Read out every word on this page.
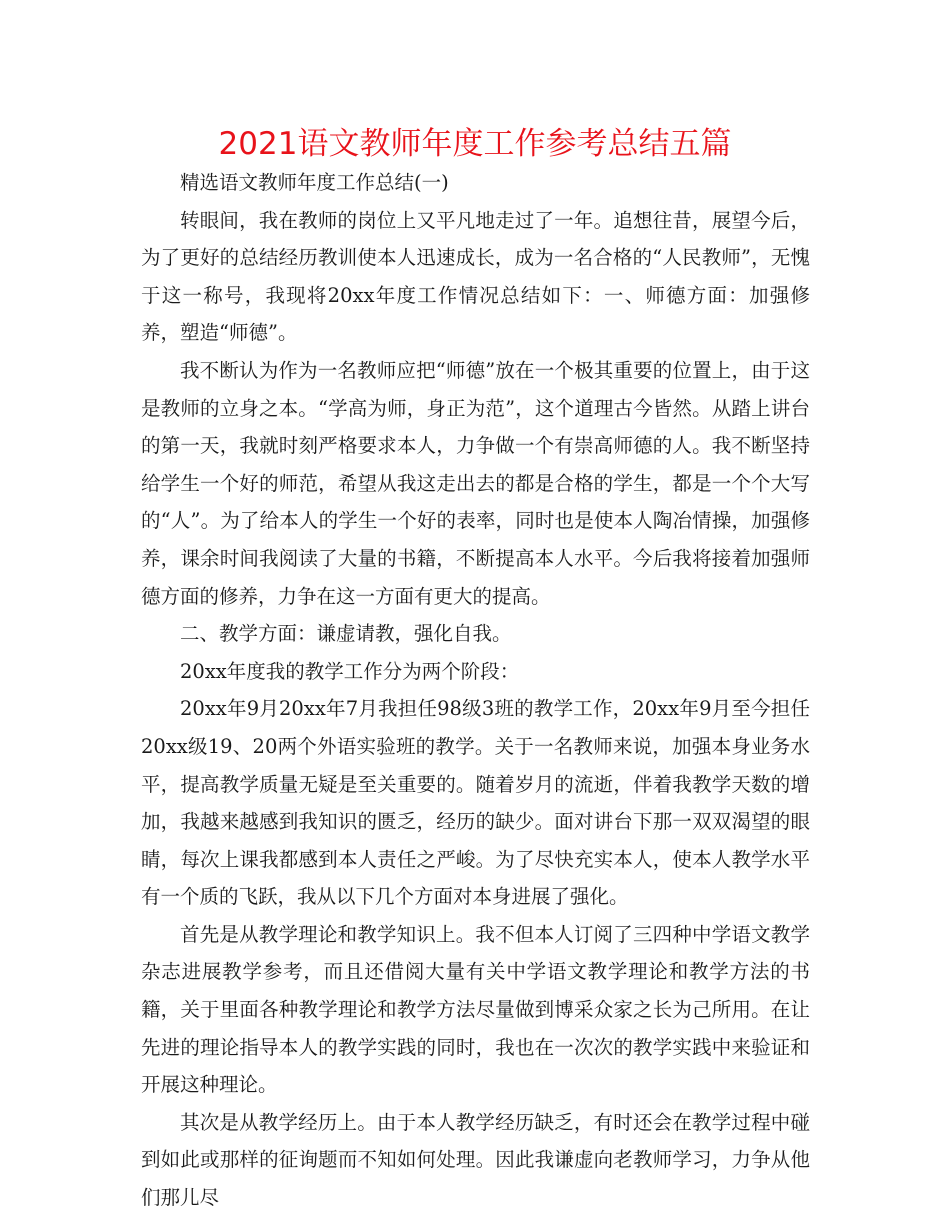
2021语文教师年度工作参考总结五篇

精选语文教师年度工作总结(一)

转眼间，我在教师的岗位上又平凡地走过了一年。追想往昔，展望今后，为了更好的总结经历教训使本人迅速成长，成为一名合格的“人民教师”，无愧于这一称号，我现将20xx年度工作情况总结如下：一、师德方面：加强修养，塑造“师德”。

我不断认为作为一名教师应把“师德”放在一个极其重要的位置上，由于这是教师的立身之本。“学高为师，身正为范”，这个道理古今皆然。从踏上讲台的第一天，我就时刻严格要求本人，力争做一个有崇高师德的人。我不断坚持给学生一个好的师范，希望从我这走出去的都是合格的学生，都是一个个大写的“人”。为了给本人的学生一个好的表率，同时也是使本人陶冶情操，加强修养，课余时间我阅读了大量的书籍，不断提高本人水平。今后我将接着加强师德方面的修养，力争在这一方面有更大的提高。

二、教学方面：谦虚请教，强化自我。

20xx年度我的教学工作分为两个阶段：

20xx年9月20xx年7月我担任98级3班的教学工作，20xx年9月至今担任20xx级19、20两个外语实验班的教学。关于一名教师来说，加强本身业务水平，提高教学质量无疑是至关重要的。随着岁月的流逝，伴着我教学天数的增加，我越来越感到我知识的匮乏，经历的缺少。面对讲台下那一双双渴望的眼睛，每次上课我都感到本人责任之严峻。为了尽快充实本人，使本人教学水平有一个质的飞跃，我从以下几个方面对本身进展了强化。

首先是从教学理论和教学知识上。我不但本人订阅了三四种中学语文教学杂志进展教学参考，而且还借阅大量有关中学语文教学理论和教学方法的书籍，关于里面各种教学理论和教学方法尽量做到博采众家之长为己所用。在让先进的理论指导本人的教学实践的同时，我也在一次次的教学实践中来验证和开展这种理论。

其次是从教学经历上。由于本人教学经历缺乏，有时还会在教学过程中碰到如此或那样的征询题而不知如何处理。因此我谦虚向老教师学习，力争从他们那儿尽
